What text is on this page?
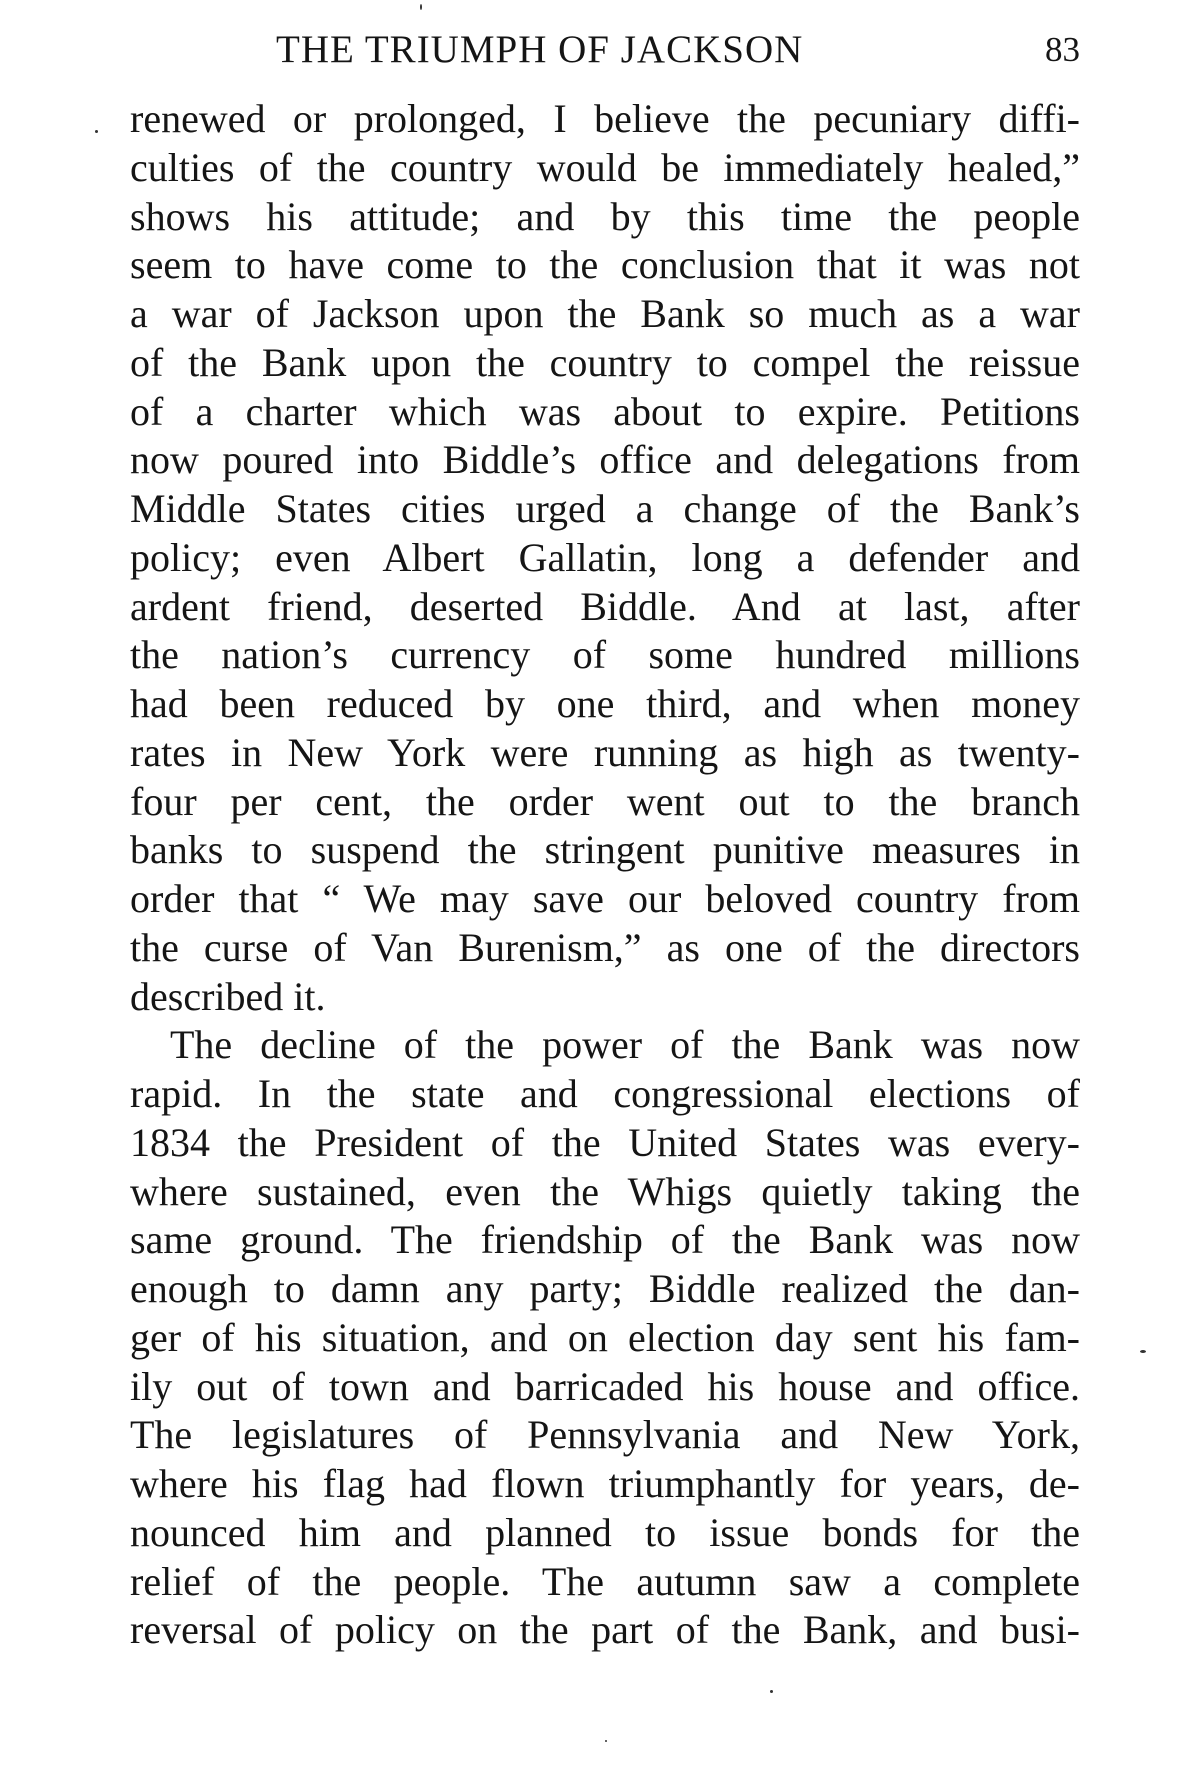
THE TRIUMPH OF JACKSON	83
renewed or prolonged, I believe the pecuniary diffi-
culties of the country would be immediately healed,”
shows his attitude; and by this time the people
seem to have come to the conclusion that it was not
a war of Jackson upon the Bank so much as a war
of the Bank upon the country to compel the reissue
of a charter which was about to expire. Petitions
now poured into Biddle’s office and delegations from
Middle States cities urged a change of the Bank’s
policy; even Albert Gallatin, long a defender and
ardent friend, deserted Biddle. And at last, after
the nation’s currency of some hundred millions
had been reduced by one third, and when money
rates in New York were running as high as twenty-
four per cent, the order went out to the branch
banks to suspend the stringent punitive measures in
order that “ We may save our beloved country from
the curse of Van Burenism,” as one of the directors
described it.
The decline of the power of the Bank was now
rapid. In the state and congressional elections of
1834 the President of the United States was every-
where sustained, even the Whigs quietly taking the
same ground. The friendship of the Bank was now
enough to damn any party; Biddle realized the dan-
ger of his situation, and on election day sent his fam-
ily out of town and barricaded his house and office.
The legislatures of Pennsylvania and New York,
where his flag had flown triumphantly for years, de-
nounced him and planned to issue bonds for the
relief of the people. The autumn saw a complete
reversal of policy on the part of the Bank, and busi-
